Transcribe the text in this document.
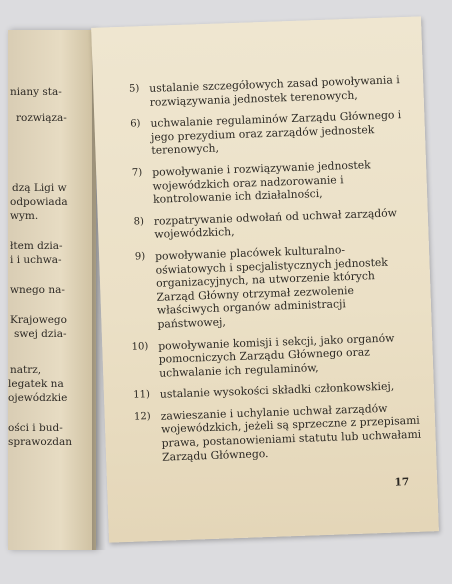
niany sta-
rozwiąza-
dzą Ligi w
odpowiada
wym.
łtem dzia-
i i uchwa-
wnego na-
Krajowego
swej dzia-
natrz,
legatek na
ojewódzkie
ości i bud-
sprawozdan
5) ustalanie szczegółowych zasad powoływania i rozwiązywania jednostek terenowych,
6) uchwalanie regulaminów Zarządu Głównego i jego prezydium oraz zarządów jednostek terenowych,
7) powoływanie i rozwiązywanie jednostek wojewódzkich oraz nadzorowanie i kontrolowanie ich działalności,
8) rozpatrywanie odwołań od uchwał zarządów wojewódzkich,
9) powoływanie placówek kulturalno-oświatowych i specjalistycznych jednostek organizacyjnych, na utworzenie których Zarząd Główny otrzymał zezwolenie właściwych organów administracji państwowej,
10) powoływanie komisji i sekcji, jako organów pomocniczych Zarządu Głównego oraz uchwalanie ich regulaminów,
11) ustalanie wysokości składki członkowskiej,
12) zawieszanie i uchylanie uchwał zarządów wojewódzkich, jeżeli są sprzeczne z przepisami prawa, postanowieniami statutu lub uchwałami Zarządu Głównego.
17
